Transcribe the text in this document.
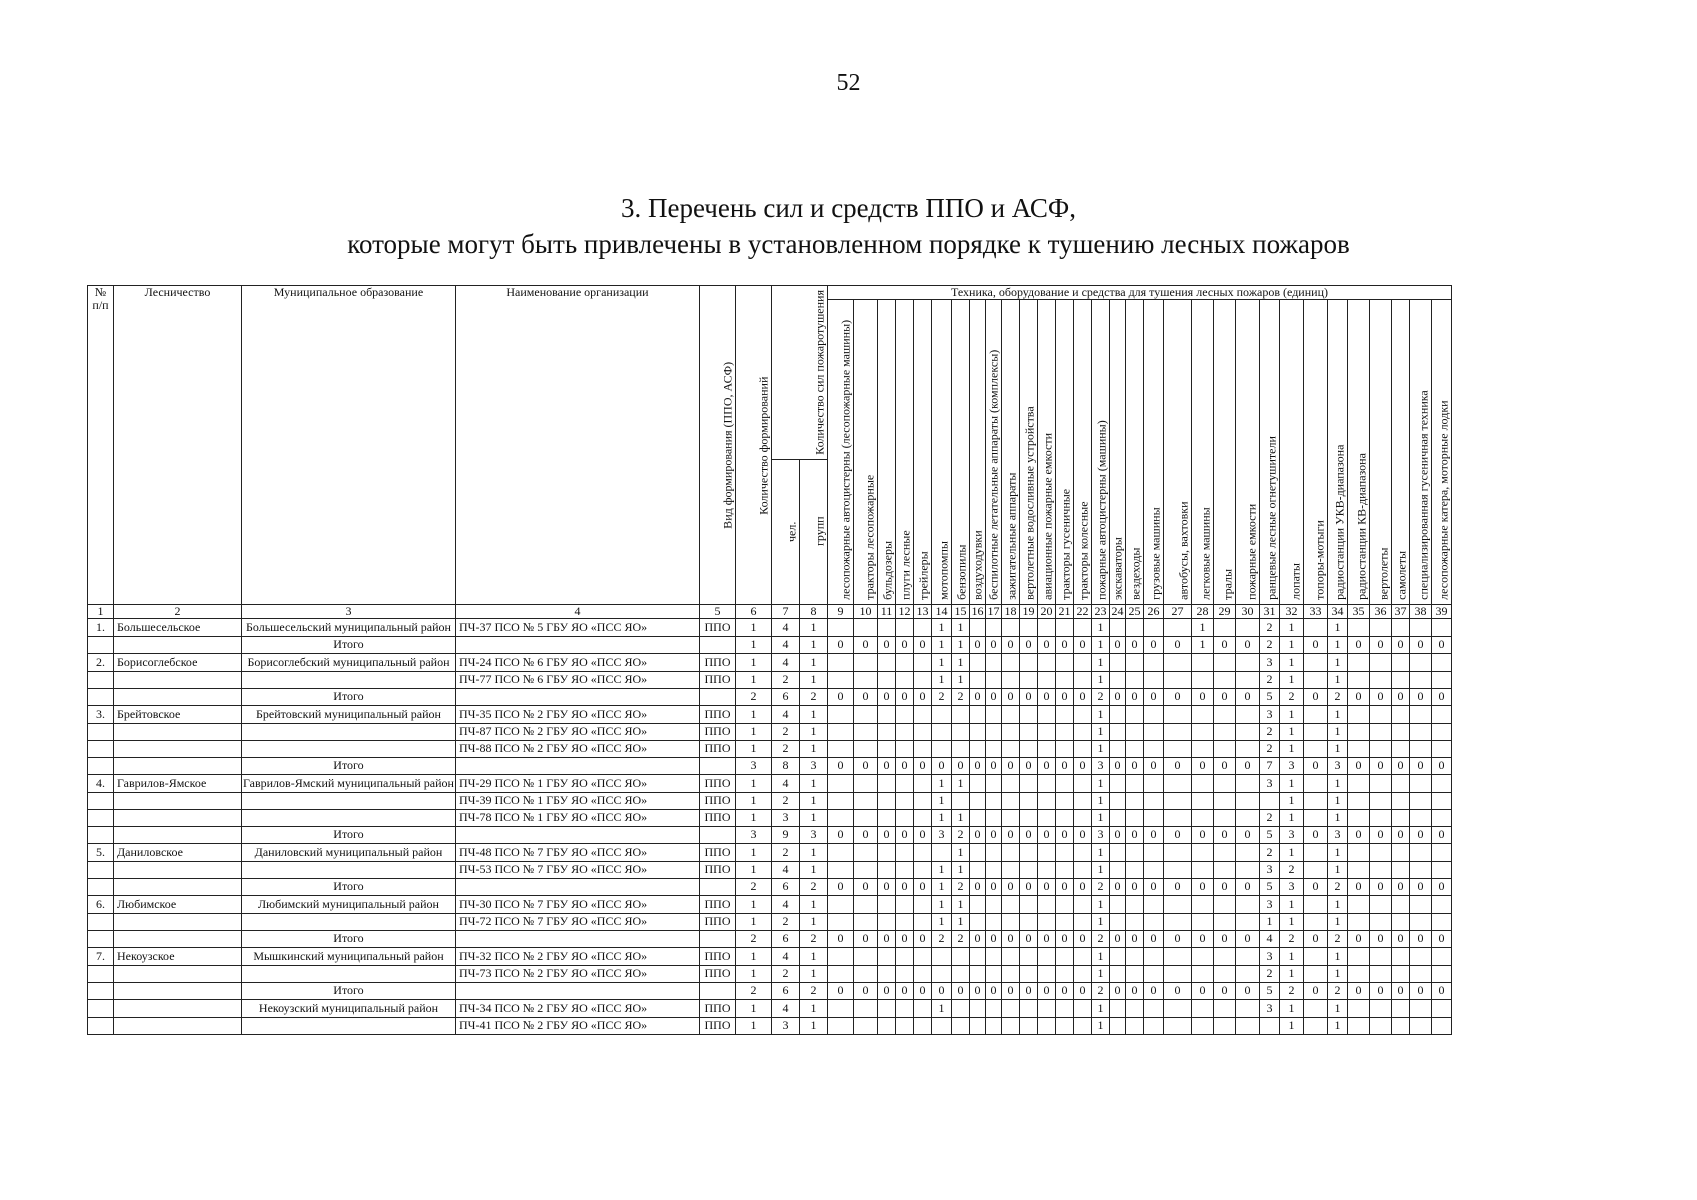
52
3. Перечень сил и средств ППО и АСФ,
которые могут быть привлечены в установленном порядке к тушению лесных пожаров
№ п/п	Лесничество	Муниципальное образование	Наименование организации	Вид формирования (ППО, АСФ)	Количество формирований	Количество сил пожаротушения		Техника, оборудование и средства для тушения лесных пожаров (единиц)																														
								лесопожарные автоцистерны (лесопожарные машины)	тракторы лесопожарные	бульдозеры	плуги лесные	трейлеры	мотопомпы	бензопилы	воздуходувки	беспилотные летательные аппараты (комплексы)	зажигательные аппараты	вертолетные водосливные устройства	авиационные пожарные емкости	тракторы гусеничные	тракторы колесные	пожарные автоцистерны (машины)	экскаваторы	вездеходы	грузовые машины	автобусы, вахтовки	легковые машины	тралы	пожарные емкости	ранцевые лесные огнетушители	лопаты	топоры-мотыги	радиостанции УКВ-диапазона	радиостанции КВ-диапазона	вертолеты	самолеты	специализированная гусеничная техника	лесопожарные катера, моторные лодки
						чел.	групп																															
1	2	3	4	5	6	7	8	9	10	11	12	13	14	15	16	17	18	19	20	21	22	23	24	25	26	27	28	29	30	31	32	33	34	35	36	37	38	39
1.	Большесельское	Большесельский муниципальный район	ПЧ-37 ПСО № 5 ГБУ ЯО «ПСС ЯО»	ППО	1	4	1						1	1								1					1			2	1		1					
		Итого			1	4	1	0	0	0	0	0	1	1	0	0	0	0	0	0	0	1	0	0	0	0	1	0	0	2	1	0	1	0	0	0	0	0
2.	Борисоглебское	Борисоглебский муниципальный район	ПЧ-24 ПСО № 6 ГБУ ЯО «ПСС ЯО»	ППО	1	4	1						1	1								1								3	1		1					
			ПЧ-77 ПСО № 6 ГБУ ЯО «ПСС ЯО»	ППО	1	2	1						1	1								1								2	1		1					
		Итого			2	6	2	0	0	0	0	0	2	2	0	0	0	0	0	0	0	2	0	0	0	0	0	0	0	5	2	0	2	0	0	0	0	0
3.	Брейтовское	Брейтовский муниципальный район	ПЧ-35 ПСО № 2 ГБУ ЯО «ПСС ЯО»	ППО	1	4	1															1								3	1		1					
			ПЧ-87 ПСО № 2 ГБУ ЯО «ПСС ЯО»	ППО	1	2	1															1								2	1		1					
			ПЧ-88 ПСО № 2 ГБУ ЯО «ПСС ЯО»	ППО	1	2	1															1								2	1		1					
		Итого			3	8	3	0	0	0	0	0	0	0	0	0	0	0	0	0	0	3	0	0	0	0	0	0	0	7	3	0	3	0	0	0	0	0
4.	Гаврилов-Ямское	Гаврилов-Ямский муниципальный район	ПЧ-29 ПСО № 1 ГБУ ЯО «ПСС ЯО»	ППО	1	4	1						1	1								1								3	1		1					
			ПЧ-39 ПСО № 1 ГБУ ЯО «ПСС ЯО»	ППО	1	2	1						1									1									1		1					
			ПЧ-78 ПСО № 1 ГБУ ЯО «ПСС ЯО»	ППО	1	3	1						1	1								1								2	1		1					
		Итого			3	9	3	0	0	0	0	0	3	2	0	0	0	0	0	0	0	3	0	0	0	0	0	0	0	5	3	0	3	0	0	0	0	0
5.	Даниловское	Даниловский муниципальный район	ПЧ-48 ПСО № 7 ГБУ ЯО «ПСС ЯО»	ППО	1	2	1							1								1								2	1		1					
			ПЧ-53 ПСО № 7 ГБУ ЯО «ПСС ЯО»	ППО	1	4	1						1	1								1								3	2		1					
		Итого			2	6	2	0	0	0	0	0	1	2	0	0	0	0	0	0	0	2	0	0	0	0	0	0	0	5	3	0	2	0	0	0	0	0
6.	Любимское	Любимский муниципальный район	ПЧ-30 ПСО № 7 ГБУ ЯО «ПСС ЯО»	ППО	1	4	1						1	1								1								3	1		1					
			ПЧ-72 ПСО № 7 ГБУ ЯО «ПСС ЯО»	ППО	1	2	1						1	1								1								1	1		1					
		Итого			2	6	2	0	0	0	0	0	2	2	0	0	0	0	0	0	0	2	0	0	0	0	0	0	0	4	2	0	2	0	0	0	0	0
7.	Некоузское	Мышкинский муниципальный район	ПЧ-32 ПСО № 2 ГБУ ЯО «ПСС ЯО»	ППО	1	4	1															1								3	1		1					
			ПЧ-73 ПСО № 2 ГБУ ЯО «ПСС ЯО»	ППО	1	2	1															1								2	1		1					
		Итого			2	6	2	0	0	0	0	0	0	0	0	0	0	0	0	0	0	2	0	0	0	0	0	0	0	5	2	0	2	0	0	0	0	0
		Некоузский муниципальный район	ПЧ-34 ПСО № 2 ГБУ ЯО «ПСС ЯО»	ППО	1	4	1						1									1								3	1		1					
			ПЧ-41 ПСО № 2 ГБУ ЯО «ПСС ЯО»	ППО	1	3	1															1									1		1					
